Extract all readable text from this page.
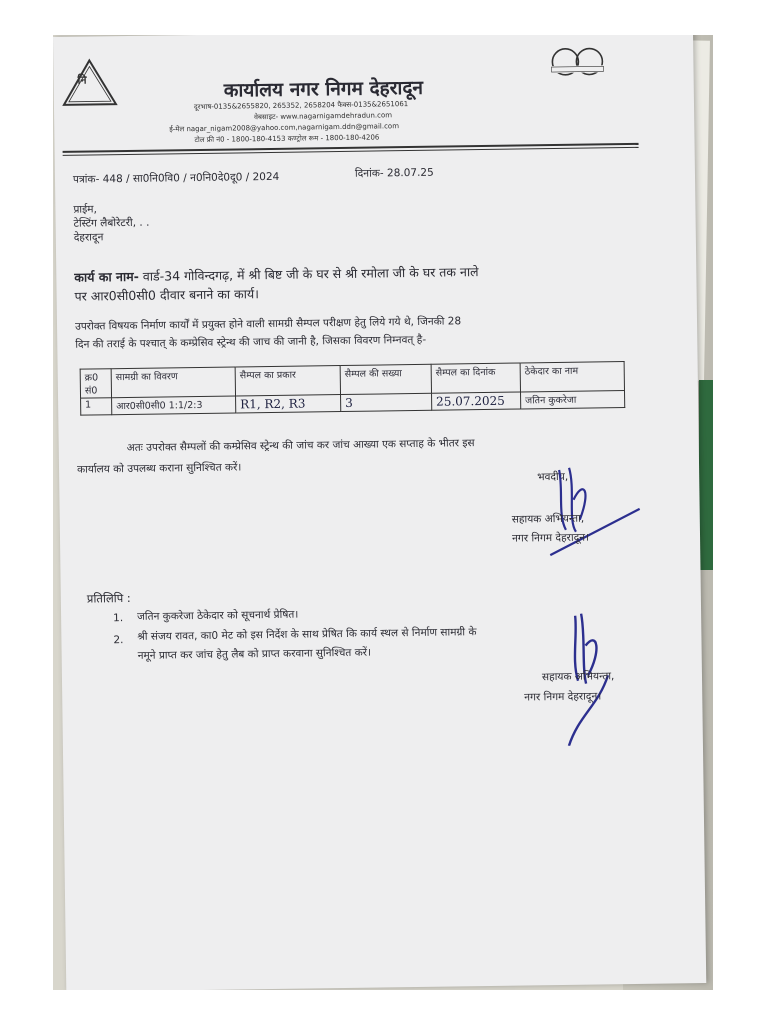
नि	कार्यालय नगर निगम देहरादून
दूरभाष-0135&2655820, 265352, 2658204 फैक्स-0135&2651061
वेबसाइट- www.nagarnigamdehradun.com
ई-मेल nagar_nigam2008@yahoo.com,nagarnigam.ddn@gmail.com
टोल फ्री नं0 - 1800-180-4153 कण्ट्रोल रूम - 1800-180-4206
पत्रांक- 448 / सा0नि0वि0 / न0नि0दे0दू0 / 2024	दिनांक- 28.07.25
प्राईम,
टेस्टिंग लैबोरेटरी, . .
देहरादून
कार्य का नाम- वार्ड-34 गोविन्दगढ़, में श्री बिष्ट जी के घर से श्री रमोला जी के घर तक नाले
पर आर0सी0सी0 दीवार बनाने का कार्य।
उपरोक्त विषयक निर्माण कार्यों में प्रयुक्त होने वाली सामग्री सैम्पल परीक्षण हेतु लिये गये थे, जिनकी 28
दिन की तराई के पश्चात् के कम्प्रेसिव स्ट्रेन्थ की जाच की जानी है, जिसका विवरण निम्नवत् है-
क्र0 सं0	सामग्री का विवरण	सैम्पल का प्रकार	सैम्पल की सख्या	सैम्पल का दिनांक	ठेकेदार का नाम
1	आर0सी0सी0 1:1/2:3	R1, R2, R3	3	25.07.2025	जतिन कुकरेजा
अतः उपरोक्त सैम्पलों की कम्प्रेसिव स्ट्रेन्थ की जांच कर जांच आख्या एक सप्ताह के भीतर इस
कार्यालय को उपलब्ध कराना सुनिश्चित करें।
भवदीय,
सहायक अभियन्ता,
नगर निगम देहरादून।
प्रतिलिपि :
1. जतिन कुकरेजा ठेकेदार को सूचनार्थ प्रेषित।
2. श्री संजय रावत, का0 मेट को इस निर्देश के साथ प्रेषित कि कार्य स्थल से निर्माण सामग्री के
नमूने प्राप्त कर जांच हेतु लैब को प्राप्त करवाना सुनिश्चित करें।
सहायक अभियन्ता,
नगर निगम देहरादून।
